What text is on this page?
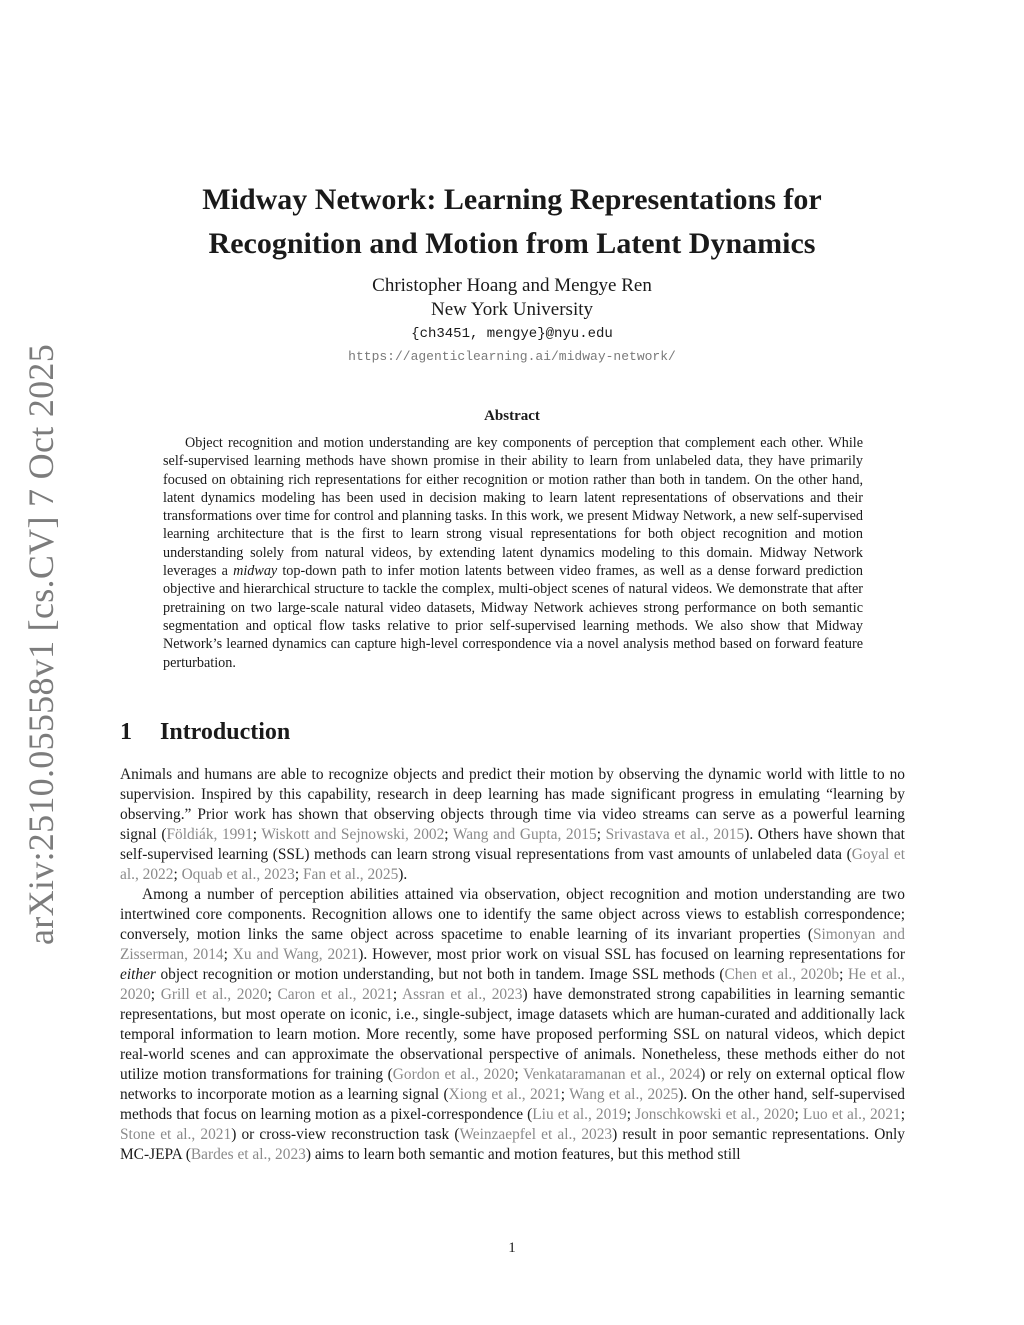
arXiv:2510.05558v1 [cs.CV] 7 Oct 2025
Midway Network: Learning Representations for
Recognition and Motion from Latent Dynamics
Christopher Hoang and Mengye Ren
New York University
{ch3451, mengye}@nyu.edu
https://agenticlearning.ai/midway-network/
Abstract

Object recognition and motion understanding are key components of perception that complement each other. While self-supervised learning methods have shown promise in their ability to learn from unlabeled data, they have primarily focused on obtaining rich representations for either recognition or motion rather than both in tandem. On the other hand, latent dynamics modeling has been used in decision making to learn latent representations of observations and their transformations over time for control and planning tasks. In this work, we present Midway Network, a new self-supervised learning architecture that is the first to learn strong visual representations for both object recognition and motion understanding solely from natural videos, by extending latent dynamics modeling to this domain. Midway Network leverages a midway top-down path to infer motion latents between video frames, as well as a dense forward prediction objective and hierarchical structure to tackle the complex, multi-object scenes of natural videos. We demonstrate that after pretraining on two large-scale natural video datasets, Midway Network achieves strong performance on both semantic segmentation and optical flow tasks relative to prior self-supervised learning methods. We also show that Midway Network’s learned dynamics can capture high-level correspondence via a novel analysis method based on forward feature perturbation.

1 Introduction

Animals and humans are able to recognize objects and predict their motion by observing the dynamic world with little to no supervision. Inspired by this capability, research in deep learning has made significant progress in emulating “learning by observing.” Prior work has shown that observing objects through time via video streams can serve as a powerful learning signal (Földiák, 1991; Wiskott and Sejnowski, 2002; Wang and Gupta, 2015; Srivastava et al., 2015). Others have shown that self-supervised learning (SSL) methods can learn strong visual representations from vast amounts of unlabeled data (Goyal et al., 2022; Oquab et al., 2023; Fan et al., 2025).

Among a number of perception abilities attained via observation, object recognition and motion understanding are two intertwined core components. Recognition allows one to identify the same object across views to establish correspondence; conversely, motion links the same object across spacetime to enable learning of its invariant properties (Simonyan and Zisserman, 2014; Xu and Wang, 2021). However, most prior work on visual SSL has focused on learning representations for either object recognition or motion understanding, but not both in tandem. Image SSL methods (Chen et al., 2020b; He et al., 2020; Grill et al., 2020; Caron et al., 2021; Assran et al., 2023) have demonstrated strong capabilities in learning semantic representations, but most operate on iconic, i.e., single-subject, image datasets which are human-curated and additionally lack temporal information to learn motion. More recently, some have proposed performing SSL on natural videos, which depict real-world scenes and can approximate the observational perspective of animals. Nonetheless, these methods either do not utilize motion transformations for training (Gordon et al., 2020; Venkataramanan et al., 2024) or rely on external optical flow networks to incorporate motion as a learning signal (Xiong et al., 2021; Wang et al., 2025). On the other hand, self-supervised methods that focus on learning motion as a pixel-correspondence (Liu et al., 2019; Jonschkowski et al., 2020; Luo et al., 2021; Stone et al., 2021) or cross-view reconstruction task (Weinzaepfel et al., 2023) result in poor semantic representations. Only MC-JEPA (Bardes et al., 2023) aims to learn both semantic and motion features, but this method still

1
